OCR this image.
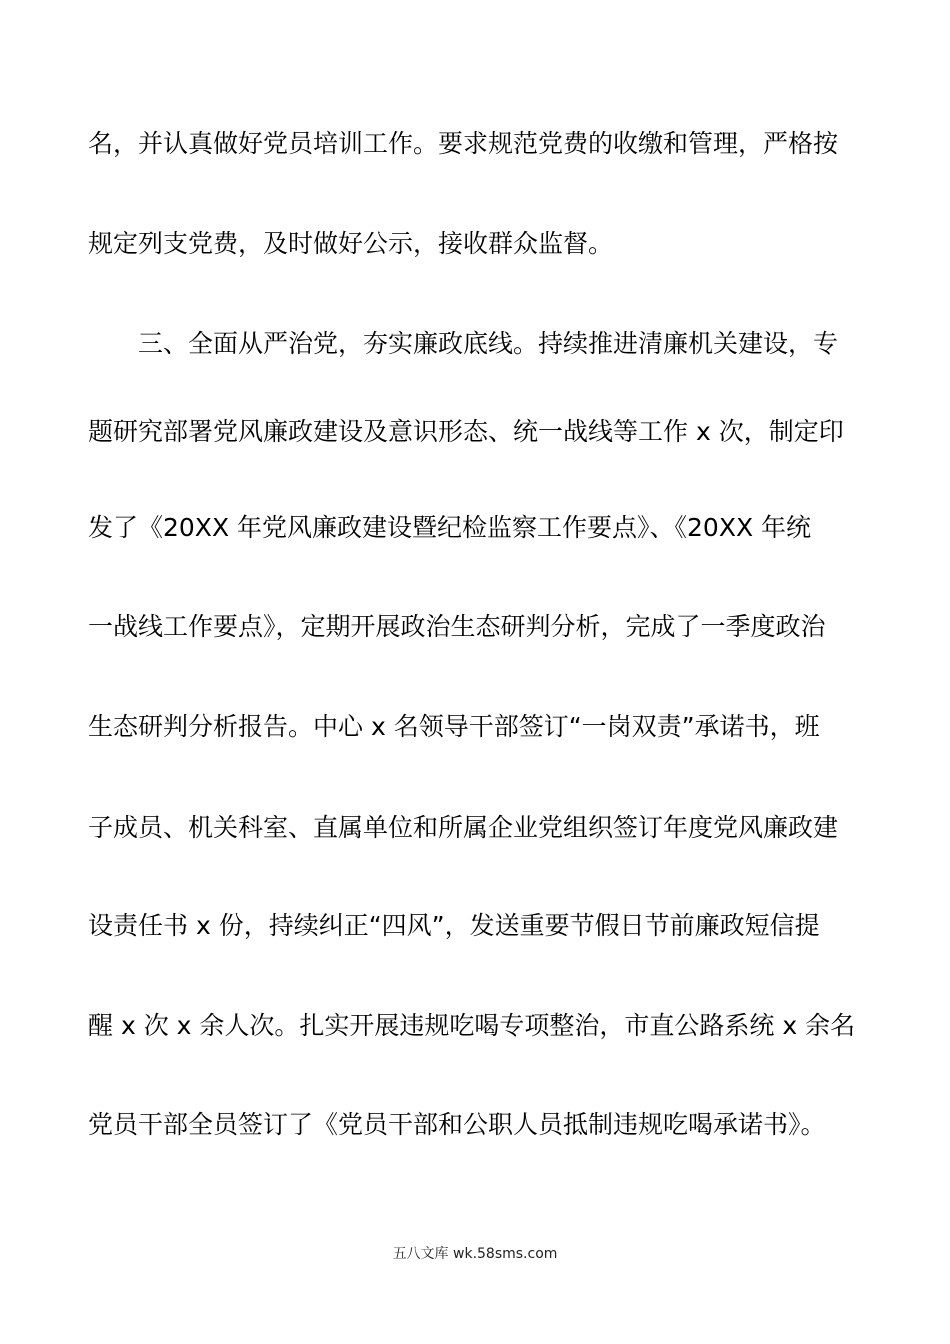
名，并认真做好党员培训工作。要求规范党费的收缴和管理，严格按
规定列支党费，及时做好公示，接收群众监督。
三、全面从严治党，夯实廉政底线。持续推进清廉机关建设，专
题研究部署党风廉政建设及意识形态、统一战线等工作 x 次，制定印
发了《20XX 年党风廉政建设暨纪检监察工作要点》、《20XX 年统
一战线工作要点》，定期开展政治生态研判分析，完成了一季度政治
生态研判分析报告。中心 x 名领导干部签订“一岗双责”承诺书，班
子成员、机关科室、直属单位和所属企业党组织签订年度党风廉政建
设责任书 x 份，持续纠正“四风”，发送重要节假日节前廉政短信提
醒 x 次 x 余人次。扎实开展违规吃喝专项整治，市直公路系统 x 余名
党员干部全员签订了《党员干部和公职人员抵制违规吃喝承诺书》。
五八文库 wk.58sms.com
